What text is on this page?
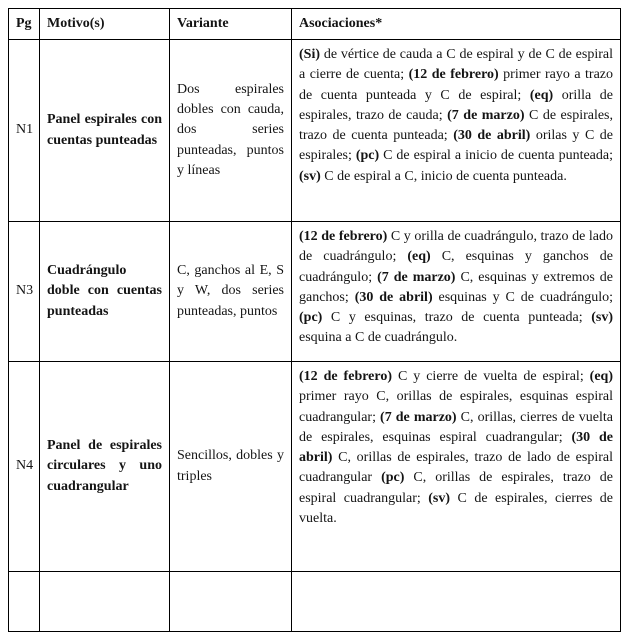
Pg	Motivo(s)	Variante	Asociaciones*
N1	Panel espirales con cuentas punteadas	Dos espirales dobles con cauda, dos series punteadas, puntos y líneas	(Si) de vértice de cauda a C de espiral y de C de espiral a cierre de cuenta; (12 de febrero) primer rayo a trazo de cuenta punteada y C de espiral; (eq) orilla de espirales, trazo de cauda; (7 de marzo) C de espirales, trazo de cuenta punteada; (30 de abril) orilas y C de espirales; (pc) C de espiral a inicio de cuenta punteada; (sv) C de espiral a C, inicio de cuenta punteada.
N3	Cuadrángulo doble con cuentas punteadas	C, ganchos al E, S y W, dos series punteadas, puntos	(12 de febrero) C y orilla de cuadrángulo, trazo de lado de cuadrángulo; (eq) C, esquinas y ganchos de cuadrángulo; (7 de marzo) C, esquinas y extremos de ganchos; (30 de abril) esquinas y C de cuadrángulo; (pc) C y esquinas, trazo de cuenta punteada; (sv) esquina a C de cuadrángulo.
N4	Panel de espirales circulares y uno cuadrangular	Sencillos, dobles y triples	(12 de febrero) C y cierre de vuelta de espiral; (eq) primer rayo C, orillas de espirales, esquinas espiral cuadrangular; (7 de marzo) C, orillas, cierres de vuelta de espirales, esquinas espiral cuadrangular; (30 de abril) C, orillas de espirales, trazo de lado de espiral cuadrangular (pc) C, orillas de espirales, trazo de espiral cuadrangular; (sv) C de espirales, cierres de vuelta.
